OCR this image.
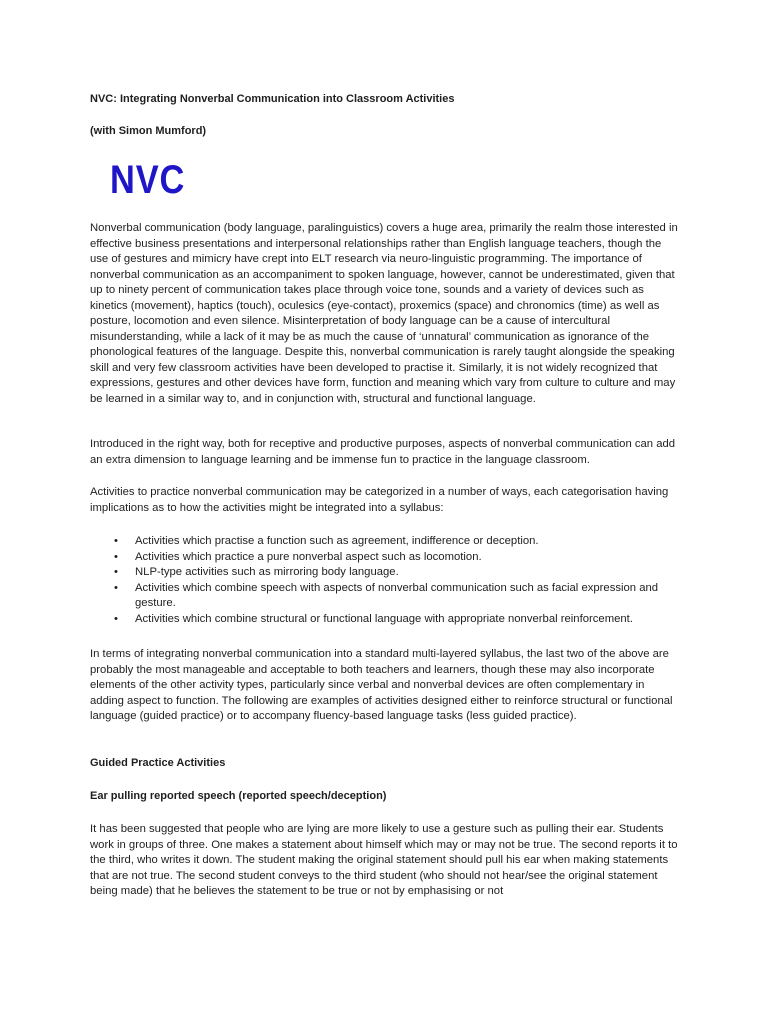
NVC: Integrating Nonverbal Communication into Classroom Activities
(with Simon Mumford)
NVC

Nonverbal communication (body language, paralinguistics) covers a huge area, primarily the realm those interested in effective business presentations and interpersonal relationships rather than English language teachers, though the use of gestures and mimicry have crept into ELT research via neuro-linguistic programming. The importance of nonverbal communication as an accompaniment to spoken language, however, cannot be underestimated, given that up to ninety percent of communication takes place through voice tone, sounds and a variety of devices such as kinetics (movement), haptics (touch), oculesics (eye-contact), proxemics (space) and chronomics (time) as well as posture, locomotion and even silence. Misinterpretation of body language can be a cause of intercultural misunderstanding, while a lack of it may be as much the cause of ‘unnatural’ communication as ignorance of the phonological features of the language. Despite this, nonverbal communication is rarely taught alongside the speaking skill and very few classroom activities have been developed to practise it. Similarly, it is not widely recognized that expressions, gestures and other devices have form, function and meaning which vary from culture to culture and may be learned in a similar way to, and in conjunction with, structural and functional language.

Introduced in the right way, both for receptive and productive purposes, aspects of nonverbal communication can add an extra dimension to language learning and be immense fun to practice in the language classroom.

Activities to practice nonverbal communication may be categorized in a number of ways, each categorisation having implications as to how the activities might be integrated into a syllabus:

• Activities which practise a function such as agreement, indifference or deception.
• Activities which practice a pure nonverbal aspect such as locomotion.
• NLP-type activities such as mirroring body language.
• Activities which combine speech with aspects of nonverbal communication such as facial expression and gesture.
• Activities which combine structural or functional language with appropriate nonverbal reinforcement.

In terms of integrating nonverbal communication into a standard multi-layered syllabus, the last two of the above are probably the most manageable and acceptable to both teachers and learners, though these may also incorporate elements of the other activity types, particularly since verbal and nonverbal devices are often complementary in adding aspect to function. The following are examples of activities designed either to reinforce structural or functional language (guided practice) or to accompany fluency-based language tasks (less guided practice).

Guided Practice Activities
Ear pulling reported speech (reported speech/deception)

It has been suggested that people who are lying are more likely to use a gesture such as pulling their ear. Students work in groups of three. One makes a statement about himself which may or may not be true. The second reports it to the third, who writes it down. The student making the original statement should pull his ear when making statements that are not true. The second student conveys to the third student (who should not hear/see the original statement being made) that he believes the statement to be true or not by emphasising or not
